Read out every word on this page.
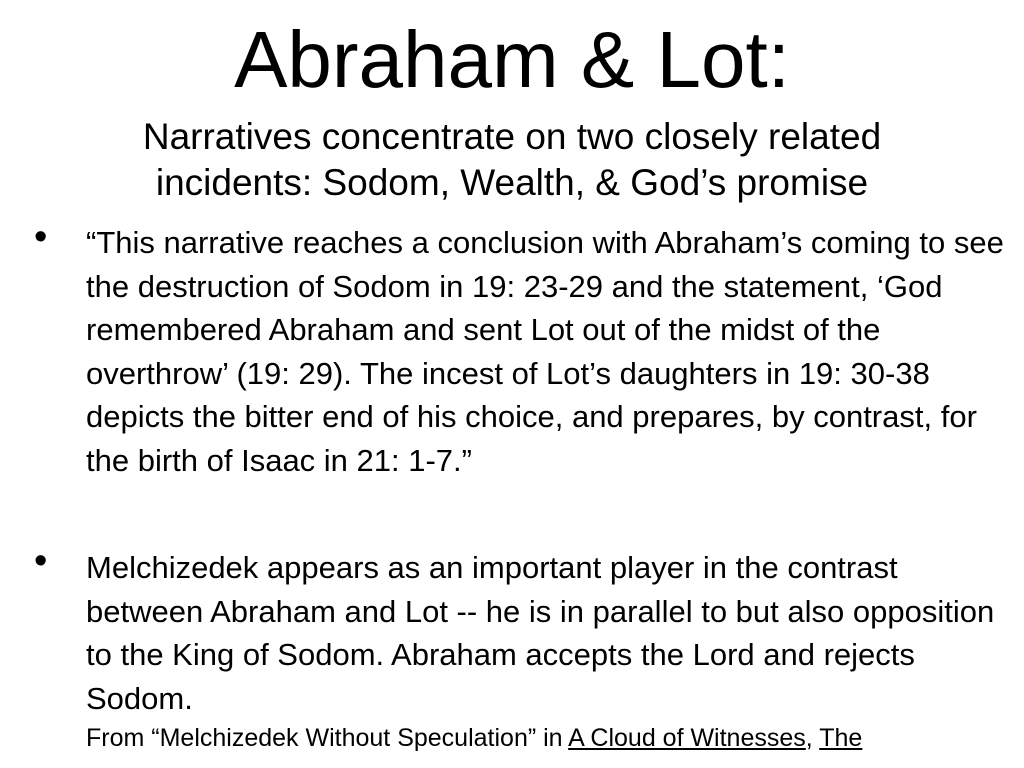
Abraham & Lot:

Narratives concentrate on two closely related incidents: Sodom, Wealth, & God’s promise

• “This narrative reaches a conclusion with Abraham’s coming to see the destruction of Sodom in 19: 23-29 and the statement, ‘God remembered Abraham and sent Lot out of the midst of the overthrow’ (19: 29). The incest of Lot’s daughters in 19: 30-38 depicts the bitter end of his choice, and prepares, by contrast, for the birth of Isaac in 21: 1-7.”

• Melchizedek appears as an important player in the contrast between Abraham and Lot -- he is in parallel to but also opposition to the King of Sodom. Abraham accepts the Lord and rejects Sodom.

From “Melchizedek Without Speculation” in A Cloud of Witnesses, The
